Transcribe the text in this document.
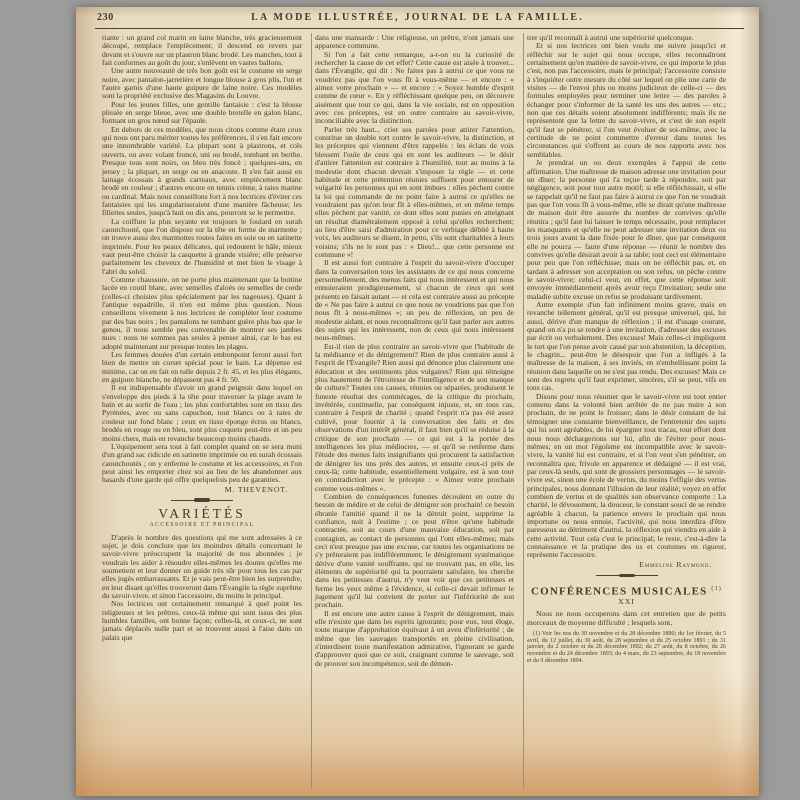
230	LA MODE ILLUSTRÉE, JOURNAL DE LA FAMILLE.

riante : un grand col marin en laine blanche, très gracieusement découpé, remplace l'empiècement; il descend en revers par devant et s'ouvre sur un plastron blanc brodé. Les manches, tout à fait conformes au goût du jour, s'enlèvent en vastes ballons.

Une autre nouveauté de très bon goût est le costume en serge noire, avec pantalon-jarretière et longue blouse à gros plis, l'un et l'autre garnis d'une haute guipure de laine noire. Ces modèles sont la propriété exclusive des Magasins du Louvre.

Pour les jeunes filles, une gentille fantaisie : c'est la blouse plissée en serge bleue, avec une double bretelle en galon blanc, formant un gros nœud sur l'épaule.

En dehors de ces modèles, que nous citons comme étant ceux qui nous ont paru mériter toutes les préférences, il s'en fait encore une innombrable variété. La plupart sont à plastrons, et cols ouverts, ou avec volant froncé, uni ou brodé, tombant en berthe. Presque tous sont noirs, ou bleu très foncé ; quelques-uns, en jersey ; la plupart, en serge ou en anacoste. Il s'en fait aussi en lainage écossais à grands carreaux, avec empiècement blanc brodé en couleur ; d'autres encore en tennis crème, à raies marine ou cardinal. Mais nous conseillons fort à nos lectrices d'éviter ces fantaisies qui les singulariseraient d'une manière fâcheuse; les fillettes seules, jusqu'à huit ou dix ans, pourront se le permettre.

La coiffure la plus seyante est toujours le foulard en surah caoutchouté, que l'on dispose sur la tête en forme de marmotte ; on trouve aussi des marmottes toutes faites en soie ou en satinette imprimée. Pour les peaux délicates, qui redoutent le hâle, mieux vaut peut-être choisir la casquette à grande visière; elle préserve parfaitement les cheveux de l'humidité et met bien le visage à l'abri du soleil.

Comme chaussure, on ne porte plus maintenant que la bottine lacée en coutil blanc, avec semelles d'aloès ou semelles de corde (celles-ci choisies plus spécialement par les nageuses). Quant à l'antique espadrille, il n'en est même plus question. Nous conseillons vivement à nos lectrices de compléter leur costume par des bas noirs ; les pantalons ne tombant guère plus bas que le genou, il nous semble peu convenable de montrer ses jambes nues : nous ne sommes pas seules à penser ainsi, car le bas est adopté maintenant sur presque toutes les plages.

Les femmes douées d'un certain embonpoint feront aussi fort bien de mettre un corset spécial pour le bain. La dépense est minime, car on en fait en tulle depuis 2 fr. 45, et les plus élégants, en guipure blanche, ne dépassent pas 4 fr. 50.

Il est indispensable d'avoir un grand peignoir dans lequel on s'enveloppe des pieds à la tête pour traverser la plage avant le bain et au sortir de l'eau ; les plus confortables sont en tissu des Pyrénées, avec ou sans capuchon, tout blancs ou à raies de couleur sur fond blanc ; ceux en tissu éponge écrus ou blancs, brodés en rouge ou en bleu, sont plus coquets peut-être et un peu moins chers, mais en revanche beaucoup moins chauds.

L'équipement sera tout à fait complet quand on se sera muni d'un grand sac ridicule en satinette imprimée ou en surah écossais caoutchoutés ; on y enferme le costume et les accessoires, et l'on peut ainsi les emporter chez soi au lieu de les abandonner aux hasards d'une garde qui offre quelquefois peu de garanties.

M. THEVENOT.

VARIÉTÉS

ACCESSOIRE ET PRINCIPAL

D'après le nombre des questions qui me sont adressées à ce sujet, je dois conclure que les moindres détails concernant le savoir-vivre préoccupent la majorité de nos abonnées ; je voudrais les aider à résoudre elles-mêmes les doutes qu'elles me soumettent et leur donner un guide très sûr pour tous les cas par elles jugés embarrassants. Et je vais peut-être bien les surprendre, en leur disant qu'elles trouveront dans l'Évangile la règle suprême du savoir-vivre, et sinon l'accessoire, du moins le principal.

Nos lectrices ont certainement remarqué à quel point les religieuses et les prêtres, ceux-là même qui sont issus des plus humbles familles, ont bonne façon; celles-là, et ceux-ci, ne sont jamais déplacés nulle part et se trouvent aussi à l'aise dans un palais que

dans une mansarde : Une religieuse, un prêtre, n'ont jamais une apparence commune.

Si l'on a fait cette remarque, a-t-on eu la curiosité de rechercher la cause de cet effet? Cette cause est aisée à trouver... dans l'Évangile, qui dit : Ne faites pas à autrui ce que vous ne voudriez pas que l'on vous fît à vous-même — et encore : « aimez votre prochain » — et encore : « Soyez humble d'esprit comme de cœur ». En y réfléchissant quelque peu, on découvre aisément que tout ce qui, dans la vie sociale, est en opposition avec ces préceptes, est en outre contraire au savoir-vivre, inconciliable avec la distinction.

Parler très haut... crier ses paroles pour attirer l'attention, constitue un double tort contre le savoir-vivre, la distinction, et les préceptes qui viennent d'être rappelés : les éclats de voix blessent l'ouïe de ceux qui en sont les auditeurs — le désir d'attirer l'attention est contraire à l'humilité, tout au moins à la modestie dont chacun devrait s'imposer la règle — et cette habitude et cette prétention réunies suffisent pour entourer de vulgarité les personnes qui en sont imbues : elles pèchent contre la loi qui commande de ne point faire à autrui ce qu'elles ne voudraient pas qu'on leur fît à elles-mêmes, et en même temps elles pèchent par vanité, ce dont elles sont punies en atteignant un résultat diamétralement opposé à celui qu'elles recherchent; au lieu d'être saisi d'admiration pour ce verbiage débité à haute voix, les auditeurs se disent, in petto, s'ils sont charitables à leurs voisins; s'ils ne le sont pas : « Dieu!... que cette personne est commune »!

Il est aussi fort contraire à l'esprit du savoir-vivre d'occuper dans la conversation tous les assistants de ce qui nous concerne personnellement, des menus faits qui nous intéressent et qui nous ennuieraient prodigieusement, si chacun de ceux qui sont présents en faisait autant — et cela est contraire aussi au précepte de « Ne pas faire à autrui ce que nous ne voudrions pas que l'on nous fît à nous-mêmes »; un peu de réflexion, un peu de modestie aidant, et nous reconnaîtrons qu'il faut parler aux autres des sujets qui les intéressent, non de ceux qui nous intéressent nous-mêmes.

Est-il rien de plus contraire au savoir-vivre que l'habitude de la médisance et du dénigrement? Rien de plus contraire aussi à l'esprit de l'Évangile? Rien aussi qui dénonce plus clairement une éducation et des sentiments plus vulgaires? Rien qui témoigne plus hautement de l'étroitesse de l'intelligence et de son manque de culture? Toutes ces causes, réunies ou séparées, produisent le funeste résultat des commérages, de la critique du prochain, invétérée, continuelle, par conséquent injuste, et, en tous cas, contraire à l'esprit de charité ; quand l'esprit n'a pas été assez cultivé, pour fournir à la conversation des faits et des observations d'un intérêt général, il faut bien qu'il se réduise à la critique de son prochain — ce qui est à la portée des intelligences les plus médiocres, — et qu'il se renferme dans l'étude des menus faits insignifiants qui procurent la satisfaction de dénigrer les uns près des autres, et ensuite ceux-ci près de ceux-là; cette habitude, essentiellement vulgaire, est à son tour en contradiction avec le précepte : « Aimez votre prochain comme vous-mêmes ».

Combien de conséquences funestes découlent en outre du besoin de médire et de celui de dénigrer son prochain! ce besoin ébranle l'amitié quand il ne la détruit point, supprime la confiance, nuit à l'estime ; ce peut n'être qu'une habitude contractée, soit au cours d'une mauvaise éducation, soit par contagion, au contact de personnes qui l'ont elles-mêmes; mais ceci n'est presque pas une excuse, car toutes les organisations ne s'y prêteraient pas indifféremment; le dénigrement systématique dérive d'une vanité souffrante, qui ne trouvant pas, en elle, les éléments de supériorité qui la pourraient satisfaire, les cherche dans les petitesses d'autrui, n'y veut voir que ces petitesses et ferme les yeux même à l'évidence, si celle-ci devait infirmer le jugement qu'il lui convient de porter sur l'infériorité de son prochain.

Il est encore une autre cause à l'esprit de dénigrement, mais elle n'existe que dans les esprits ignorants; pour eux, tout éloge, toute marque d'approbation équivaut à un aveu d'infériorité ; de même que les sauvages transportés en pleine civilisation, s'interdisent toute manifestation admirative, l'ignorant se garde d'approuver quoi que ce soit, craignant comme le sauvage, soit de prouver son incompétence, soit de démon-

trer qu'il reconnaît à autrui une supériorité quelconque.

Et si nos lectrices ont bien voulu me suivre jusqu'ici et réfléchir sur le sujet qui nous occupe, elles reconnaîtront certainement qu'en matière de savoir-vivre, ce qui importe le plus c'est, non pas l'accessoire, mais le principal; l'accessoire consiste à s'inquiéter outre mesure du côté sur lequel on plie une carte de visites — de l'envoi plus ou moins judicieux de celle-ci — des formules employées pour terminer une lettre — des paroles à échanger pour s'informer de la santé les uns des autres — etc.; non que ces détails soient absolument indifférents; mais ils ne représentent que la lettre du savoir-vivre, et c'est de son esprit qu'il faut se pénétrer, si l'on veut évoluer de soi-même, avec la certitude de ne point commettre d'erreur dans toutes les circonstances qui s'offrent au cours de nos rapports avec nos semblables.

Je prendrai un ou deux exemples à l'appui de cette affirmation. Une maîtresse de maison adresse une invitation pour un dîner; la personne qui l'a reçue tarde à répondre, soit par négligence, soit pour tout autre motif; si elle réfléchissait, si elle se rappelait qu'il ne faut pas faire à autrui ce que l'on ne voudrait pas que l'on vous fît à vous-même, elle se dirait qu'une maîtresse de maison doit être assurée du nombre de convives qu'elle réunira ; qu'il faut lui laisser le temps nécessaire, pour remplacer les manquants et qu'elle ne peut adresser une invitation deux ou trois jours avant la date fixée pour le dîner, que par conséquent elle ne pourra — faute d'une réponse — réunir le nombre des convives qu'elle désirait avoir à sa table; tout ceci est élémentaire pour peu que l'on réfléchisse; mais on ne réfléchit pas, et, en tardant à adresser son acceptation ou son refus, on pèche contre le savoir-vivre; celui-ci veut, en effet, que cette réponse soit envoyée immédiatement après avoir reçu l'invitation; seule une maladie subite excuse un refus se produisant tardivement.

Autre exemple d'un fait infiniment moins grave, mais en revanche tellement général, qu'il est presque universel, qui, lui aussi, dérive d'un manque de réflexion ; il est d'usage courant, quand on n'a pu se rendre à une invitation, d'adresser des excuses par écrit ou verbalement. Des excuses! Mais celles-ci impliquent le tort que l'on pense avoir causé par son abstention, la déception, le chagrin... peut-être le désespoir que l'on a infligés à la maîtresse de la maison, à ses invités, en n'embellissant point la réunion dans laquelle on ne s'est pas rendu. Des excuses! Mais ce sont des regrets qu'il faut exprimer, sincères, s'il se peut, vifs en tous cas.

Disons pour nous résumer que le savoir-vivre est tout entier contenu dans la volonté bien arrêtée de ne pas nuire à son prochain, de ne point le froisser; dans le désir constant de lui témoigner une constante bienveillance, de l'entretenir des sujets qui lui sont agréables, de lui épargner tout tracas, tout effort dont nous nous déchargerions sur lui, afin de l'éviter pour nous-mêmes; en un mot l'égoïsme est incompatible avec le savoir-vivre, la vanité lui est contraire, et si l'on veut s'en pénétrer, on reconnaîtra que, frivole en apparence et dédaigné — il est vrai, par ceux-là seuls, qui sont de grossiers personnages — le savoir-vivre est, sinon une école de vertus, du moins l'effigie des vertus principales, nous donnant l'illusion de leur réalité; voyez en effet combien de vertus et de qualités son observance comporte : La charité, le dévouement, la douceur, le constant souci de se rendre agréable à chacun, la patience envers le prochain qui nous importune ou nous ennuie, l'activité, qui nous interdira d'être paresseux au détriment d'autrui, la réflexion qui viendra en aide à cette activité. Tout cela c'est le principal; le reste, c'est-à-dire la connaissance et la pratique des us et coutumes en rigueur, représente l'accessoire.

Emmeline Raymond.

CONFÉRENCES MUSICALES $^{(1)}$

XXI

Nous ne nous occuperons dans cet entretien que de petits morceaux de moyenne difficulté ; lesquels sont,

(1) Voir les nos du 30 novembre et du 28 décembre 1890; du 1er février, du 5 avril, du 12 juillet, du 30 août, du 28 septembre et du 25 octobre 1891 ; du 31 janvier, du 2 octobre et du 28 décembre 1892; du 27 août, du 8 octobre, du 26 novembre et du 24 décembre 1893; du 4 mars, du 23 septembre, du 18 novembre et du 9 décembre 1894.
